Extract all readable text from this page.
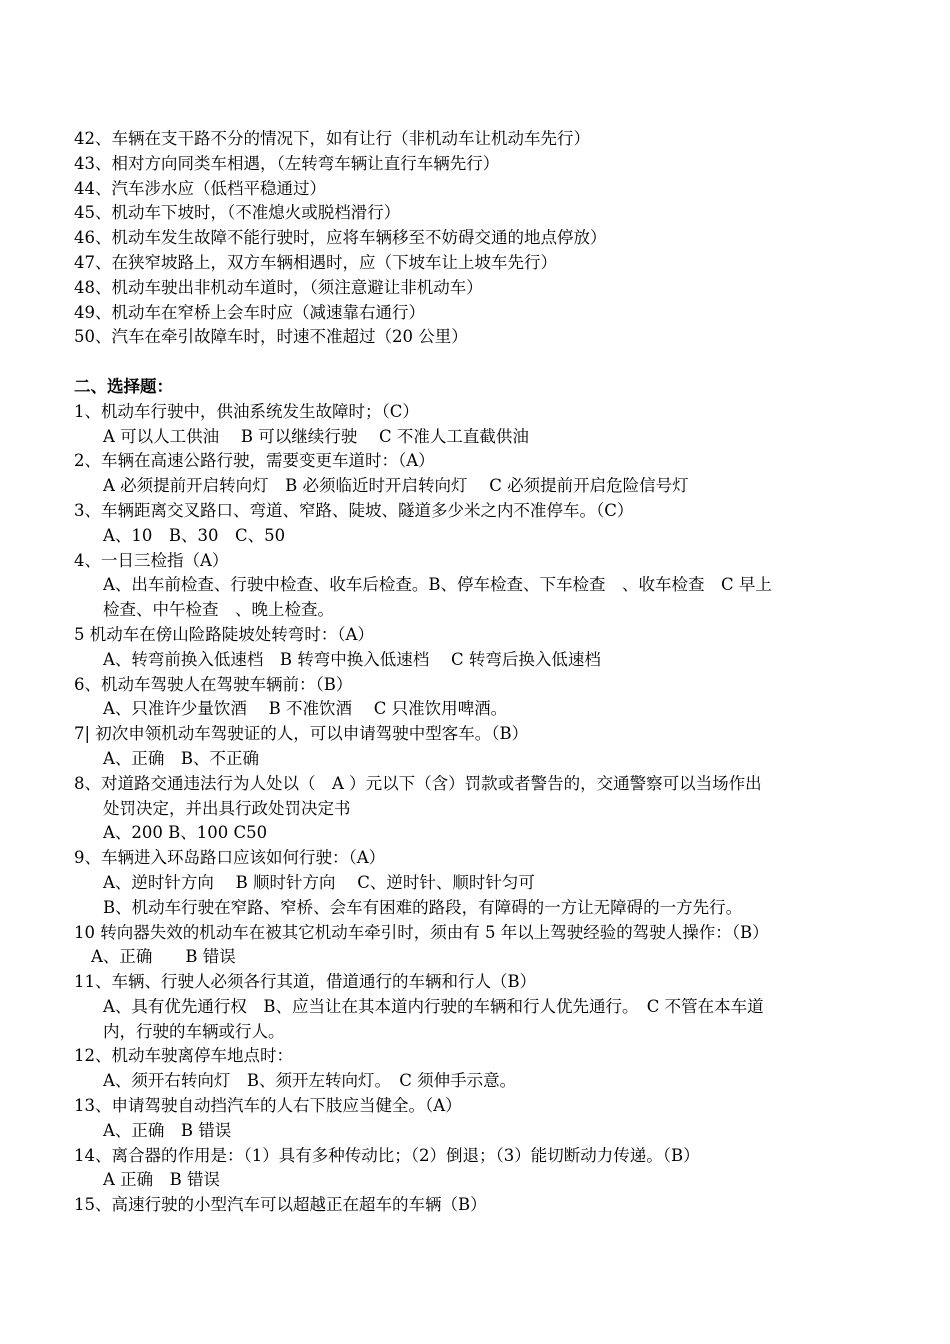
42、车辆在支干路不分的情况下，如有让行（非机动车让机动车先行）
43、相对方向同类车相遇，（左转弯车辆让直行车辆先行）
44、汽车涉水应（低档平稳通过）
45、机动车下坡时，（不准熄火或脱档滑行）
46、机动车发生故障不能行驶时，应将车辆移至不妨碍交通的地点停放）
47、在狭窄坡路上，双方车辆相遇时，应（下坡车让上坡车先行）
48、机动车驶出非机动车道时，（须注意避让非机动车）
49、机动车在窄桥上会车时应（减速靠右通行）
50、汽车在牵引故障车时，时速不准超过（20 公里）
二、选择题：
1、机动车行驶中，供油系统发生故障时；（C）
A 可以人工供油　 B 可以继续行驶　 C 不准人工直截供油
2、车辆在高速公路行驶，需要变更车道时：（A）
A 必须提前开启转向灯　B 必须临近时开启转向灯　 C 必须提前开启危险信号灯
3、车辆距离交叉路口、弯道、窄路、陡坡、隧道多少米之内不准停车。（C）
A、10　B、30　C、50
4、一日三检指（A）
A、出车前检查、行驶中检查、收车后检查。B、停车检查、下车检查　、收车检查　C 早上
检查、中午检查　、晚上检查。
5 机动车在傍山险路陡坡处转弯时：（A）
A、转弯前换入低速档　B 转弯中换入低速档　 C 转弯后换入低速档
6、机动车驾驶人在驾驶车辆前：（B）
A、只准许少量饮酒　 B 不准饮酒　 C 只准饮用啤酒。
7| 初次申领机动车驾驶证的人，可以申请驾驶中型客车。（B）
A、正确　B、不正确
8、对道路交通违法行为人处以（　A ）元以下（含）罚款或者警告的，交通警察可以当场作出
处罚决定，并出具行政处罚决定书
A、200 B、100 C50
9、车辆进入环岛路口应该如何行驶：（A）
A、逆时针方向　 B 顺时针方向　 C、逆时针、顺时针匀可
B、机动车行驶在窄路、窄桥、会车有困难的路段，有障碍的一方让无障碍的一方先行。
10 转向器失效的机动车在被其它机动车牵引时，须由有 5 年以上驾驶经验的驾驶人操作：（B）
A、正确　　B 错误
11、车辆、行驶人必须各行其道，借道通行的车辆和行人（B）
A、具有优先通行权　B、应当让在其本道内行驶的车辆和行人优先通行。　C 不管在本车道
内，行驶的车辆或行人。
12、机动车驶离停车地点时：
A、须开右转向灯　B、须开左转向灯。　C 须伸手示意。
13、申请驾驶自动挡汽车的人右下肢应当健全。（A）
A、正确　B 错误
14、离合器的作用是：（1）具有多种传动比；（2）倒退；（3）能切断动力传递。（B）
A 正确　B 错误
15、高速行驶的小型汽车可以超越正在超车的车辆（B）
